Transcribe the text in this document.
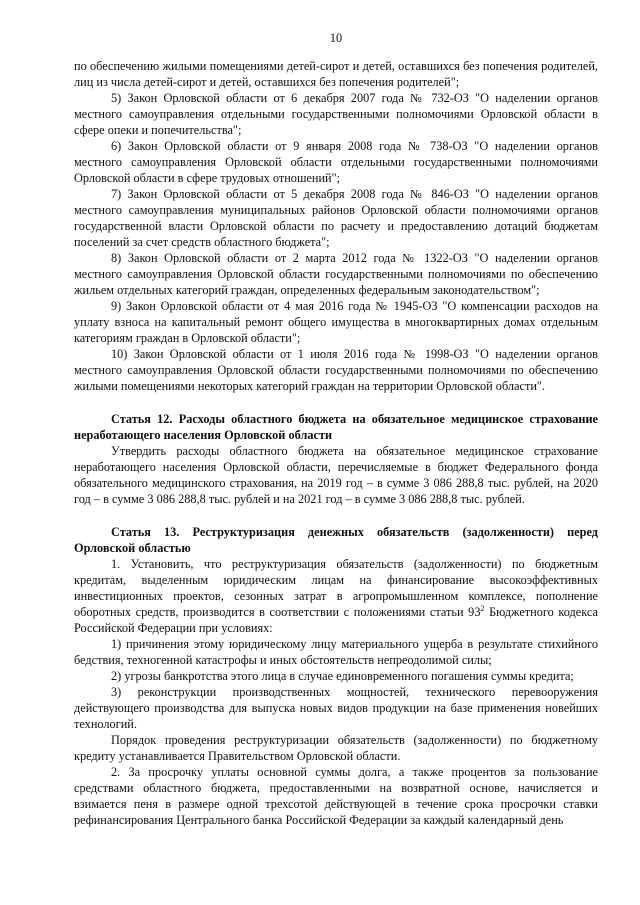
10

по обеспечению жилыми помещениями детей-сирот и детей, оставшихся без попечения родителей, лиц из числа детей-сирот и детей, оставшихся без попечения родителей";

5) Закон Орловской области от 6 декабря 2007 года № 732-ОЗ "О наделении органов местного самоуправления отдельными государственными полномочиями Орловской области в сфере опеки и попечительства";

6) Закон Орловской области от 9 января 2008 года № 738-ОЗ "О наделении органов местного самоуправления Орловской области отдельными государственными полномочиями Орловской области в сфере трудовых отношений";

7) Закон Орловской области от 5 декабря 2008 года № 846-ОЗ "О наделении органов местного самоуправления муниципальных районов Орловской области полномочиями органов государственной власти Орловской области по расчету и предоставлению дотаций бюджетам поселений за счет средств областного бюджета";

8) Закон Орловской области от 2 марта 2012 года № 1322-ОЗ "О наделении органов местного самоуправления Орловской области государственными полномочиями по обеспечению жильем отдельных категорий граждан, определенных федеральным законодательством";

9) Закон Орловской области от 4 мая 2016 года № 1945-ОЗ "О компенсации расходов на уплату взноса на капитальный ремонт общего имущества в многоквартирных домах отдельным категориям граждан в Орловской области";

10) Закон Орловской области от 1 июля 2016 года № 1998-ОЗ "О наделении органов местного самоуправления Орловской области государственными полномочиями по обеспечению жилыми помещениями некоторых категорий граждан на территории Орловской области".

Статья 12. Расходы областного бюджета на обязательное медицинское страхование неработающего населения Орловской области

Утвердить расходы областного бюджета на обязательное медицинское страхование неработающего населения Орловской области, перечисляемые в бюджет Федерального фонда обязательного медицинского страхования, на 2019 год – в сумме 3 086 288,8 тыс. рублей, на 2020 год – в сумме 3 086 288,8 тыс. рублей и на 2021 год – в сумме 3 086 288,8 тыс. рублей.

Статья 13. Реструктуризация денежных обязательств (задолженности) перед Орловской областью

1. Установить, что реструктуризация обязательств (задолженности) по бюджетным кредитам, выделенным юридическим лицам на финансирование высокоэффективных инвестиционных проектов, сезонных затрат в агропромышленном комплексе, пополнение оборотных средств, производится в соответствии с положениями статьи $93^2$ Бюджетного кодекса Российской Федерации при условиях:

1) причинения этому юридическому лицу материального ущерба в результате стихийного бедствия, техногенной катастрофы и иных обстоятельств непреодолимой силы;

2) угрозы банкротства этого лица в случае единовременного погашения суммы кредита;

3) реконструкции производственных мощностей, технического перевооружения действующего производства для выпуска новых видов продукции на базе применения новейших технологий.

Порядок проведения реструктуризации обязательств (задолженности) по бюджетному кредиту устанавливается Правительством Орловской области.

2. За просрочку уплаты основной суммы долга, а также процентов за пользование средствами областного бюджета, предоставленными на возвратной основе, начисляется и взимается пеня в размере одной трехсотой действующей в течение срока просрочки ставки рефинансирования Центрального банка Российской Федерации за каждый календарный день
